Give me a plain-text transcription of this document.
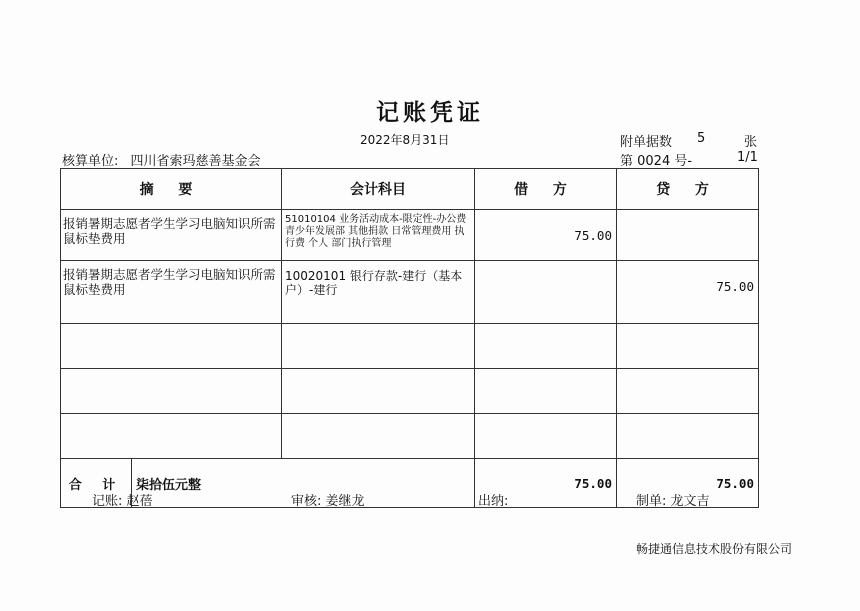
记账凭证
2022年8月31日
核算单位: 四川省索玛慈善基金会
附单据数 5	张
第 0024 号-	1/1
摘 要	会计科目	借 方	贷 方
报销暑期志愿者学生学习电脑知识所需鼠标垫费用	51010104 业务活动成本-限定性-办公费 青少年发展部 其他捐款 日常管理费用 执行费 个人 部门执行管理	75.00	
报销暑期志愿者学生学习电脑知识所需鼠标垫费用	10020101 银行存款-建行（基本户）-建行		75.00

合 计 柒拾伍元整		75.00	75.00
记账: 赵蓓	审核: 姜继龙	出纳:	制单: 龙文吉
畅捷通信息技术股份有限公司
